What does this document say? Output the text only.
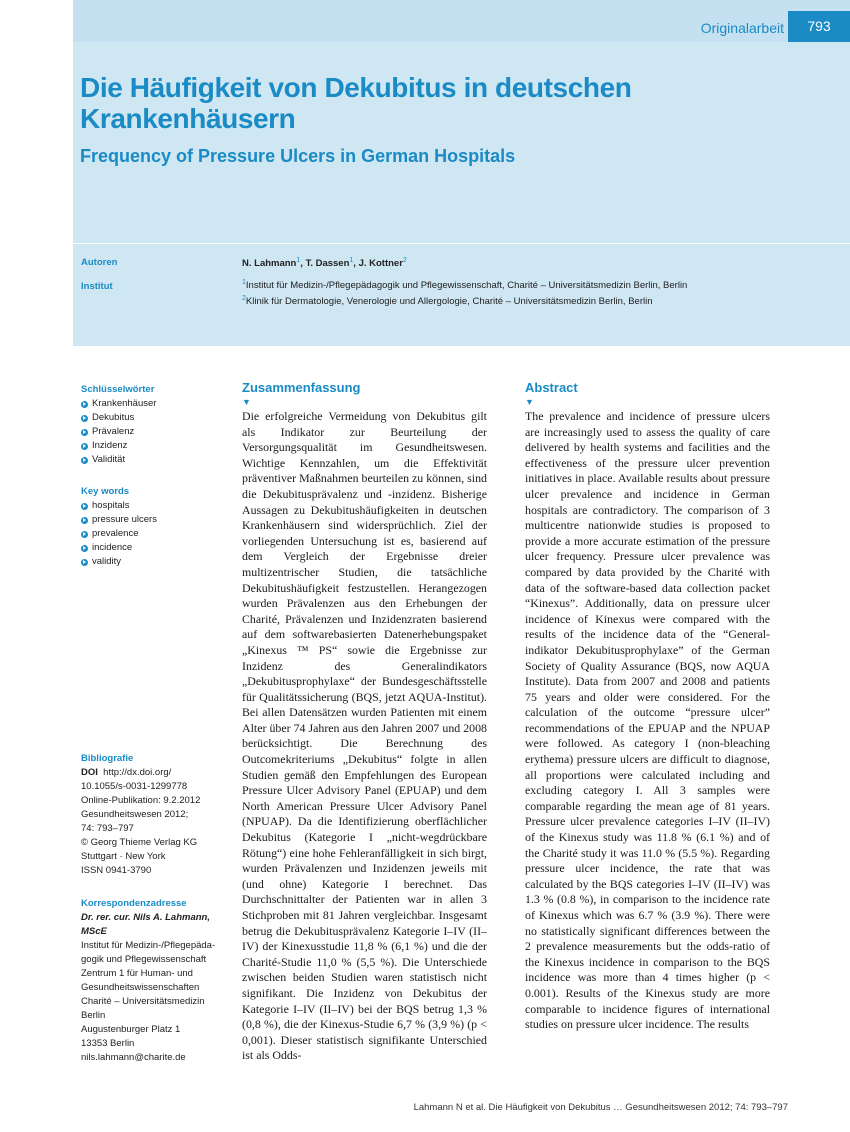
Originalarbeit	793
Die Häufigkeit von Dekubitus in deutschen Krankenhäusern
Frequency of Pressure Ulcers in German Hospitals
Autoren
Institut
N. Lahmann$^1$, T. Dassen$^1$, J. Kottner$^2$
$^1$Institut für Medizin-/Pflegepädagogik und Pflegewissenschaft, Charité – Universitätsmedizin Berlin, Berlin
$^2$Klinik für Dermatologie, Venerologie und Allergologie, Charité – Universitätsmedizin Berlin, Berlin
Schlüsselwörter
Krankenhäuser
Dekubitus
Prävalenz
Inzidenz
Validität
Key words
hospitals
pressure ulcers
prevalence
incidence
validity
Bibliografie
DOI http://dx.doi.org/
10.1055/s-0031-1299778
Online-Publikation: 9.2.2012
Gesundheitswesen 2012;
74: 793–797
© Georg Thieme Verlag KG
Stuttgart · New York
ISSN 0941-3790
Korrespondenzadresse
Dr. rer. cur. Nils A. Lahmann,
MScE
Institut für Medizin-/Pflegepäda-
gogik und Pflegewissenschaft
Zentrum 1 für Human- und
Gesundheitswissenschaften
Charité – Universitätsmedizin
Berlin
Augustenburger Platz 1
13353 Berlin
nils.lahmann@charite.de
Zusammenfassung
▼

Die erfolgreiche Vermeidung von Dekubitus gilt als Indikator zur Beurteilung der Versorgungsqualität im Gesundheitswesen. Wichtige Kennzahlen, um die Effektivität präventiver Maßnahmen beurteilen zu können, sind die Dekubitusprävalenz und -inzidenz. Bisherige Aussagen zu Dekubitushäufigkeiten in deutschen Krankenhäusern sind widersprüchlich. Ziel der vorliegenden Untersuchung ist es, basierend auf dem Vergleich der Ergebnisse dreier multizentrischer Studien, die tatsächliche Dekubitushäufigkeit festzustellen. Herangezogen wurden Prävalenzen aus den Erhebungen der Charité, Prävalenzen und Inzidenzraten basierend auf dem softwarebasierten Datenerhebungspaket „Kinexus ™ PS“ sowie die Ergebnisse zur Inzidenz des Generalindikators „Dekubitusprophylaxe“ der Bundesgeschäftsstelle für Qualitätssicherung (BQS, jetzt AQUA-Institut). Bei allen Datensätzen wurden Patienten mit einem Alter über 74 Jahren aus den Jahren 2007 und 2008 berücksichtigt. Die Berechnung des Outcomekriteriums „Dekubitus“ folgte in allen Studien gemäß den Empfehlungen des European Pressure Ulcer Advisory Panel (EPUAP) und dem North American Pressure Ulcer Advisory Panel (NPUAP). Da die Identifizierung oberflächlicher Dekubitus (Kategorie I „nicht-wegdrückbare Rötung“) eine hohe Fehleranfälligkeit in sich birgt, wurden Prävalenzen und Inzidenzen jeweils mit (und ohne) Kategorie I berechnet. Das Durchschnittalter der Patienten war in allen 3 Stichproben mit 81 Jahren vergleichbar. Insgesamt betrug die Dekubitusprävalenz Kategorie I–IV (II–IV) der Kinexusstudie 11,8 % (6,1 %) und die der Charité-Studie 11,0 % (5,5 %). Die Unterschiede zwischen beiden Studien waren statistisch nicht signifikant. Die Inzidenz von Dekubitus der Kategorie I–IV (II–IV) bei der BQS betrug 1,3 % (0,8 %), die der Kinexus-Studie 6,7 % (3,9 %) (p < 0,001). Dieser statistisch signifikante Unterschied ist als Odds-

Abstract
▼

The prevalence and incidence of pressure ulcers are increasingly used to assess the quality of care delivered by health systems and facilities and the effectiveness of the pressure ulcer prevention initiatives in place. Available results about pressure ulcer prevalence and incidence in German hospitals are contradictory. The comparison of 3 multicentre nationwide studies is proposed to provide a more accurate estimation of the pressure ulcer frequency. Pressure ulcer prevalence was compared by data provided by the Charité with data of the software-based data collection packet “Kinexus”. Additionally, data on pressure ulcer incidence of Kinexus were compared with the results of the incidence data of the “General-indikator Dekubitusprophylaxe” of the German Society of Quality Assurance (BQS, now AQUA Institute). Data from 2007 and 2008 and patients 75 years and older were considered. For the calculation of the outcome “pressure ulcer” recommendations of the EPUAP and the NPUAP were followed. As category I (non-bleaching erythema) pressure ulcers are difficult to diagnose, all proportions were calculated including and excluding category I. All 3 samples were comparable regarding the mean age of 81 years. Pressure ulcer prevalence categories I–IV (II–IV) of the Kinexus study was 11.8 % (6.1 %) and of the Charité study it was 11.0 % (5.5 %). Regarding pressure ulcer incidence, the rate that was calculated by the BQS categories I–IV (II–IV) was 1.3 % (0.8 %), in comparison to the incidence rate of Kinexus which was 6.7 % (3.9 %). There were no statistically significant differences between the 2 prevalence measurements but the odds-ratio of the Kinexus incidence in comparison to the BQS incidence was more than 4 times higher (p < 0.001). Results of the Kinexus study are more comparable to incidence figures of international studies on pressure ulcer incidence. The results

Lahmann N et al. Die Häufigkeit von Dekubitus … Gesundheitswesen 2012; 74: 793–797
